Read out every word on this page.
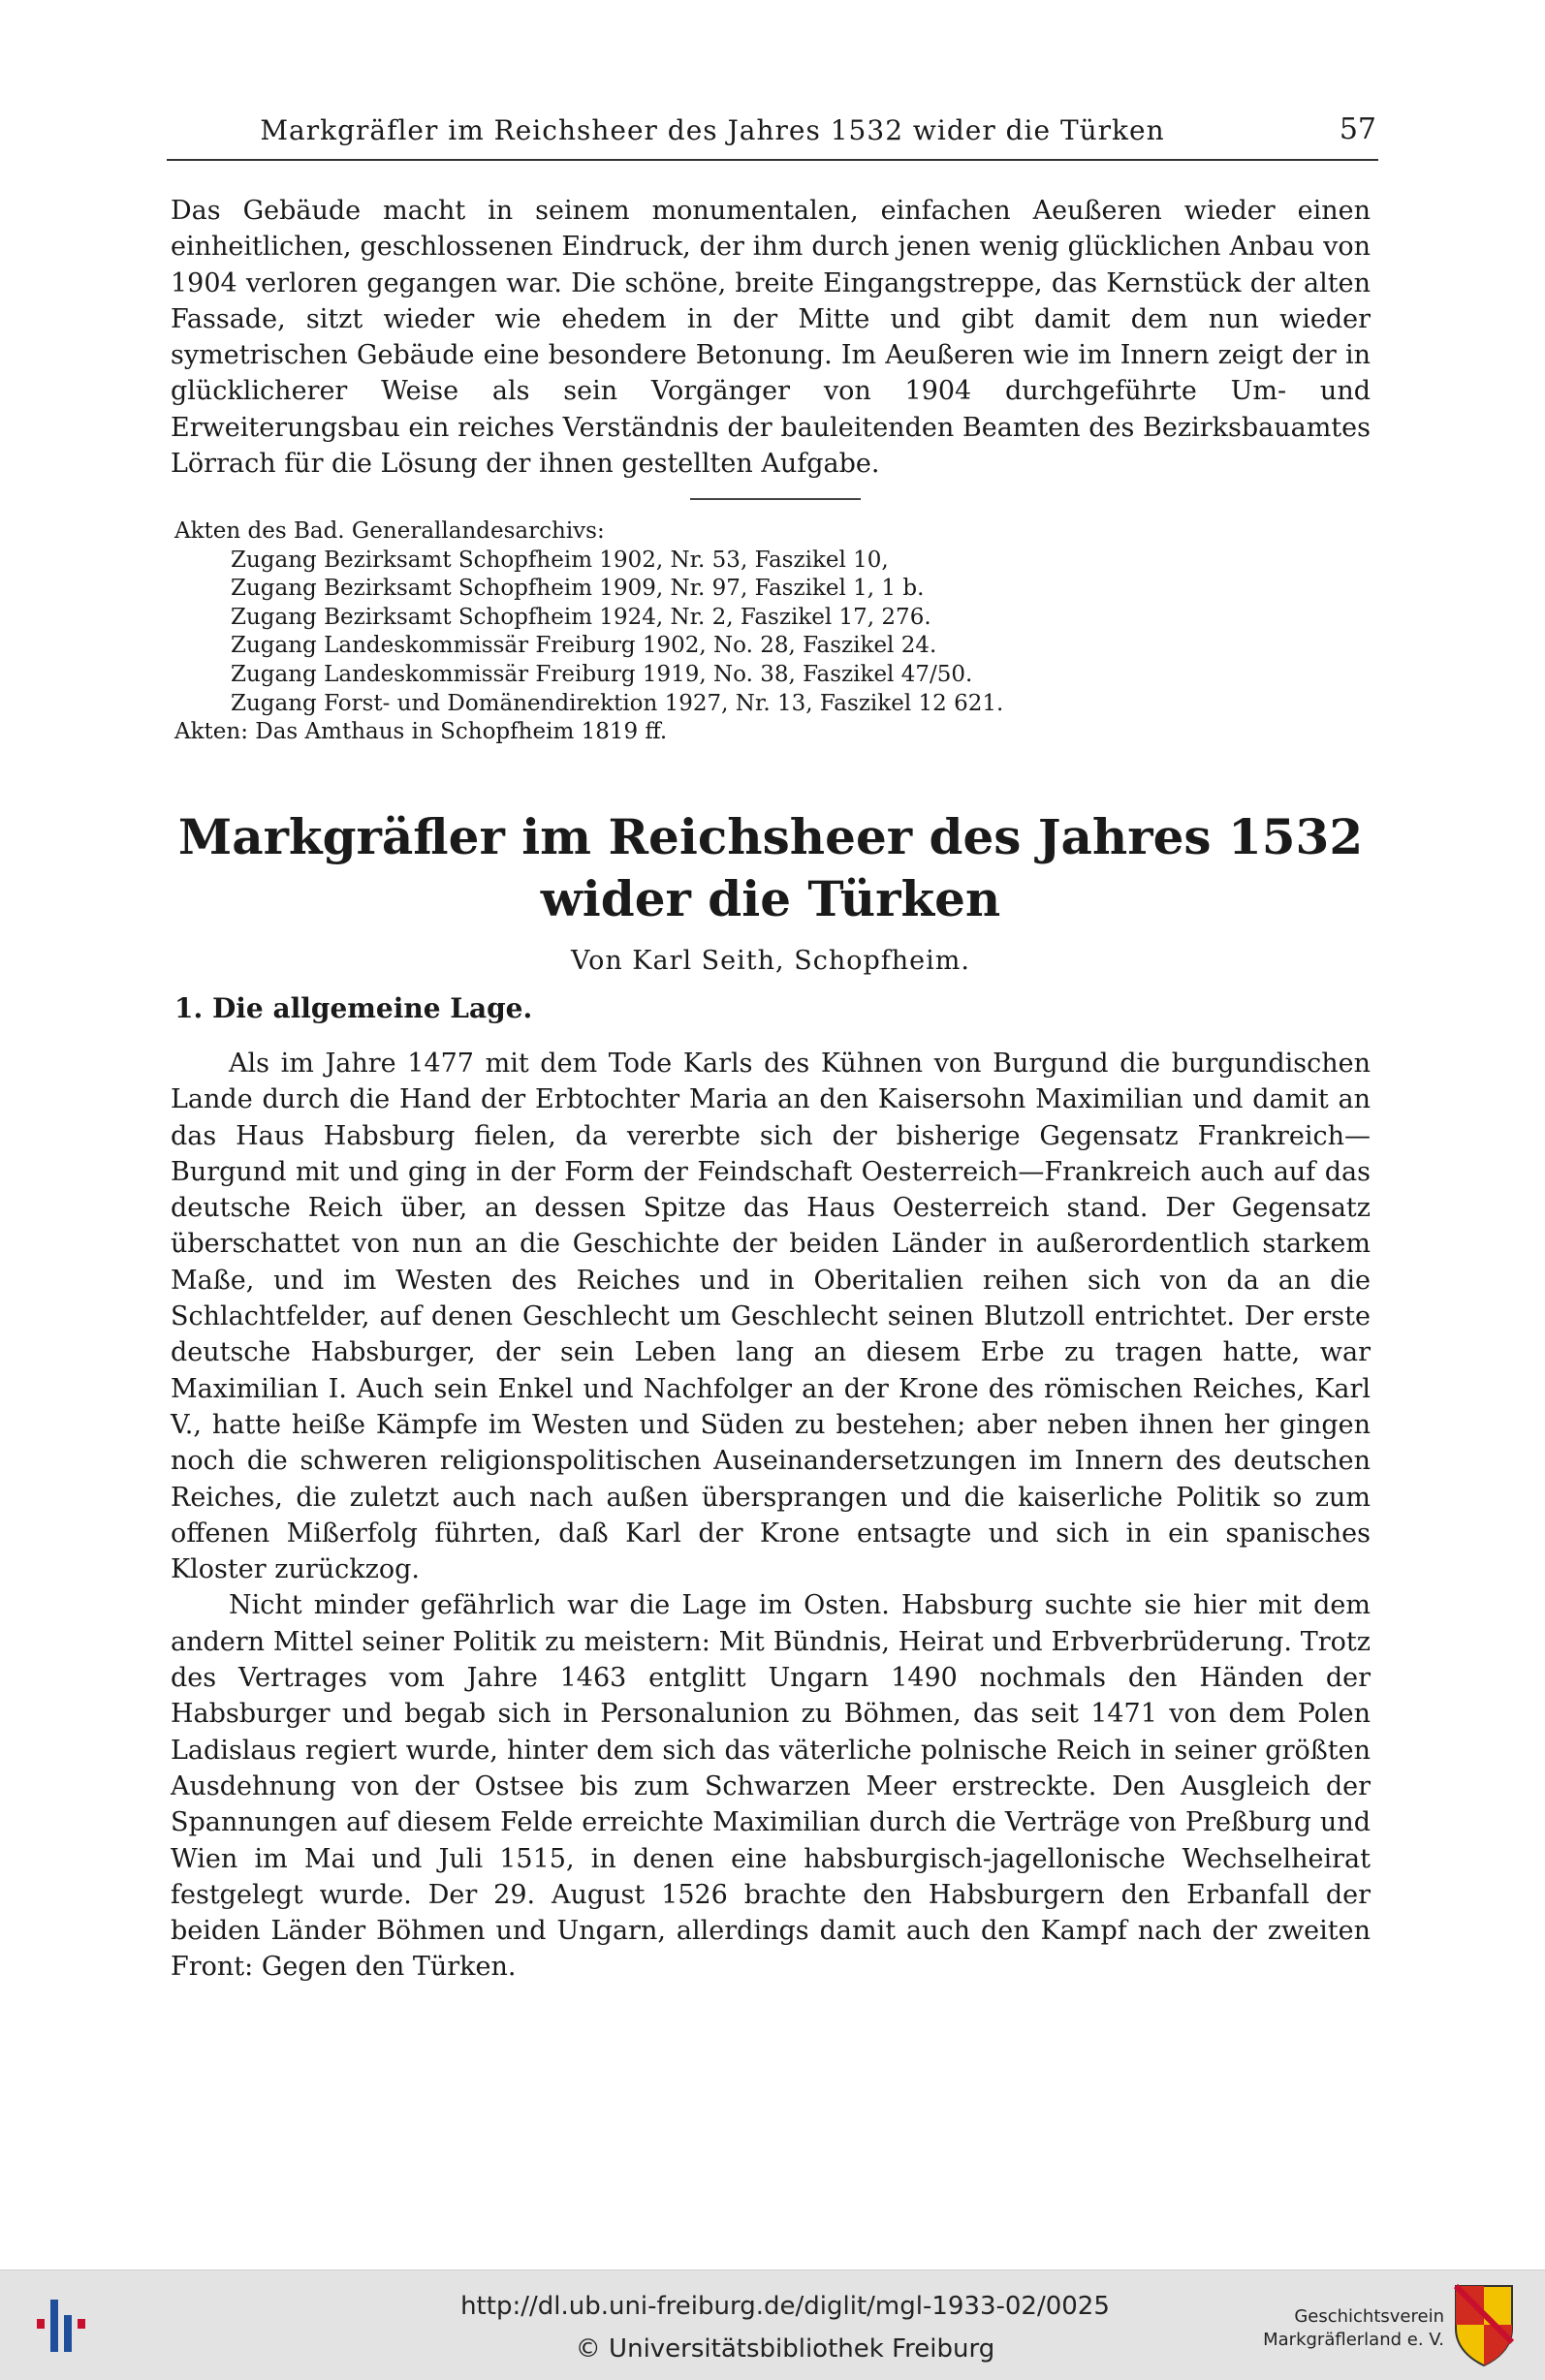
Markgräfler im Reichsheer des Jahres 1532 wider die Türken	57
Das Gebäude macht in seinem monumentalen, einfachen Aeußeren wieder einen einheitlichen, geschlossenen Eindruck, der ihm durch jenen wenig glücklichen Anbau von 1904 verloren gegangen war. Die schöne, breite Eingangstreppe, das Kernstück der alten Fassade, sitzt wieder wie ehedem in der Mitte und gibt damit dem nun wieder symetrischen Gebäude eine besondere Betonung. Im Aeußeren wie im Innern zeigt der in glücklicherer Weise als sein Vorgänger von 1904 durchgeführte Um- und Erweiterungsbau ein reiches Verständnis der bauleitenden Beamten des Bezirksbauamtes Lörrach für die Lösung der ihnen gestellten Aufgabe.
Akten des Bad. Generallandesarchivs:
Zugang Bezirksamt Schopfheim 1902, Nr. 53, Faszikel 10,
Zugang Bezirksamt Schopfheim 1909, Nr. 97, Faszikel 1, 1 b.
Zugang Bezirksamt Schopfheim 1924, Nr. 2, Faszikel 17, 276.
Zugang Landeskommissär Freiburg 1902, No. 28, Faszikel 24.
Zugang Landeskommissär Freiburg 1919, No. 38, Faszikel 47/50.
Zugang Forst- und Domänendirektion 1927, Nr. 13, Faszikel 12 621.
Akten: Das Amthaus in Schopfheim 1819 ff.
Markgräfler im Reichsheer des Jahres 1532
wider die Türken
Von Karl Seith, Schopfheim.
1. Die allgemeine Lage.
Als im Jahre 1477 mit dem Tode Karls des Kühnen von Burgund die burgundischen Lande durch die Hand der Erbtochter Maria an den Kaisersohn Maximilian und damit an das Haus Habsburg fielen, da vererbte sich der bisherige Gegensatz Frankreich—Burgund mit und ging in der Form der Feindschaft Oesterreich—Frankreich auch auf das deutsche Reich über, an dessen Spitze das Haus Oesterreich stand. Der Gegensatz überschattet von nun an die Geschichte der beiden Länder in außerordentlich starkem Maße, und im Westen des Reiches und in Oberitalien reihen sich von da an die Schlachtfelder, auf denen Geschlecht um Geschlecht seinen Blutzoll entrichtet. Der erste deutsche Habsburger, der sein Leben lang an diesem Erbe zu tragen hatte, war Maximilian I. Auch sein Enkel und Nachfolger an der Krone des römischen Reiches, Karl V., hatte heiße Kämpfe im Westen und Süden zu bestehen; aber neben ihnen her gingen noch die schweren religionspolitischen Auseinandersetzungen im Innern des deutschen Reiches, die zuletzt auch nach außen übersprangen und die kaiserliche Politik so zum offenen Mißerfolg führten, daß Karl der Krone entsagte und sich in ein spanisches Kloster zurückzog.
Nicht minder gefährlich war die Lage im Osten. Habsburg suchte sie hier mit dem andern Mittel seiner Politik zu meistern: Mit Bündnis, Heirat und Erbverbrüderung. Trotz des Vertrages vom Jahre 1463 entglitt Ungarn 1490 nochmals den Händen der Habsburger und begab sich in Personalunion zu Böhmen, das seit 1471 von dem Polen Ladislaus regiert wurde, hinter dem sich das väterliche polnische Reich in seiner größten Ausdehnung von der Ostsee bis zum Schwarzen Meer erstreckte. Den Ausgleich der Spannungen auf diesem Felde erreichte Maximilian durch die Verträge von Preßburg und Wien im Mai und Juli 1515, in denen eine habsburgisch-jagellonische Wechselheirat festgelegt wurde. Der 29. August 1526 brachte den Habsburgern den Erbanfall der beiden Länder Böhmen und Ungarn, allerdings damit auch den Kampf nach der zweiten Front: Gegen den Türken.
http://dl.ub.uni-freiburg.de/diglit/mgl-1933-02/0025
© Universitätsbibliothek Freiburg
Geschichtsverein
Markgräflerland e. V.
